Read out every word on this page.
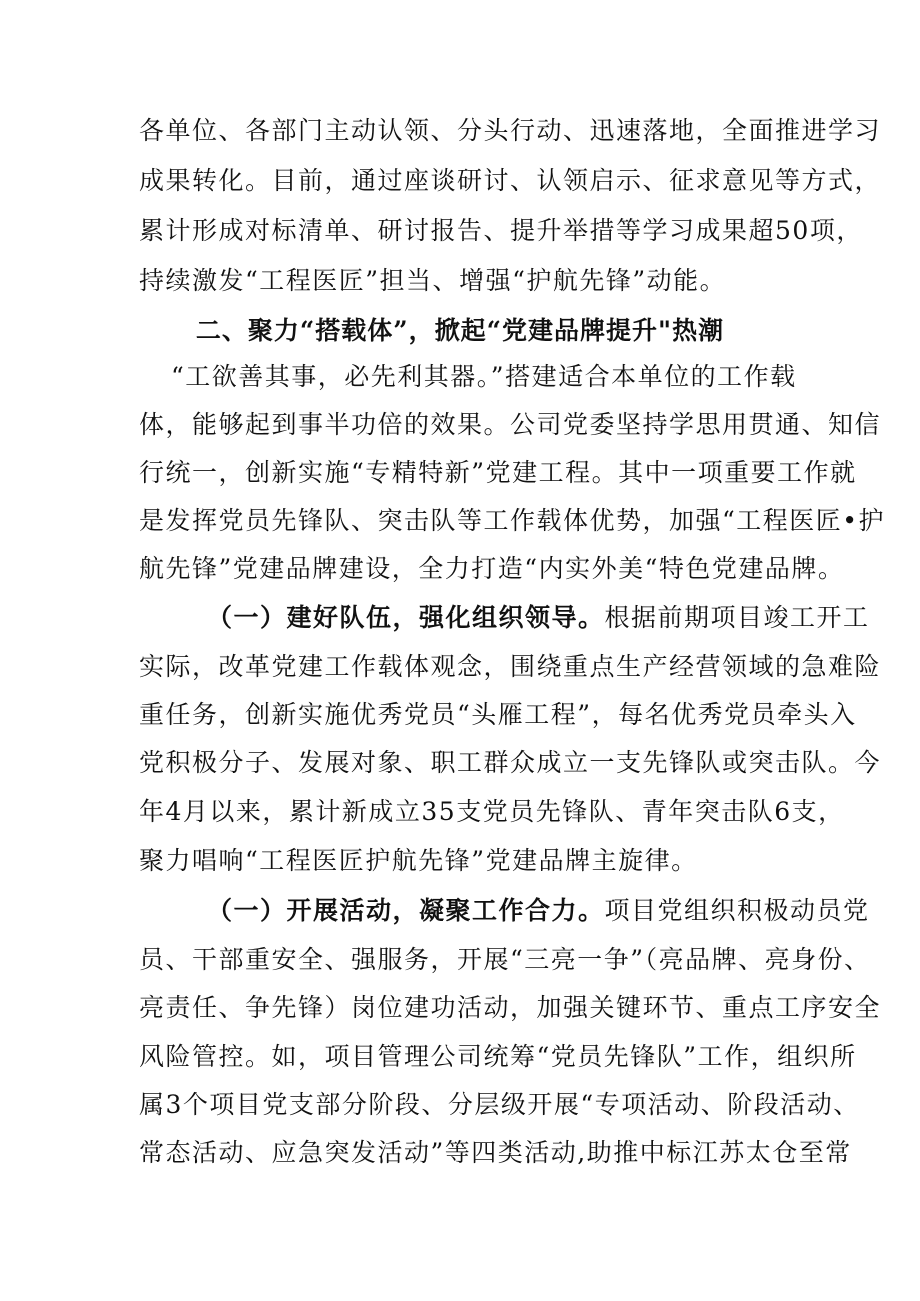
各单位、各部门主动认领、分头行动、迅速落地，全面推进学习
成果转化。目前，通过座谈研讨、认领启示、征求意见等方式，
累计形成对标清单、研讨报告、提升举措等学习成果超50项，
持续激发“工程医匠”担当、增强“护航先锋”动能。
二、聚力“搭载体”，掀起“党建品牌提升"热潮
“工欲善其事，必先利其器。”搭建适合本单位的工作载
体，能够起到事半功倍的效果。公司党委坚持学思用贯通、知信
行统一，创新实施“专精特新”党建工程。其中一项重要工作就
是发挥党员先锋队、突击队等工作载体优势，加强“工程医匠•护
航先锋”党建品牌建设，全力打造“内实外美“特色党建品牌。
（一）建好队伍，强化组织领导。根据前期项目竣工开工
实际，改革党建工作载体观念，围绕重点生产经营领域的急难险
重任务，创新实施优秀党员“头雁工程”，每名优秀党员牵头入
党积极分子、发展对象、职工群众成立一支先锋队或突击队。今
年4月以来，累计新成立35支党员先锋队、青年突击队6支，
聚力唱响“工程医匠护航先锋”党建品牌主旋律。
（一）开展活动，凝聚工作合力。项目党组织积极动员党
员、干部重安全、强服务，开展“三亮一争”（亮品牌、亮身份、
亮责任、争先锋）岗位建功活动，加强关键环节、重点工序安全
风险管控。如，项目管理公司统筹“党员先锋队”工作，组织所
属3个项目党支部分阶段、分层级开展“专项活动、阶段活动、
常态活动、应急突发活动”等四类活动,助推中标江苏太仓至常
